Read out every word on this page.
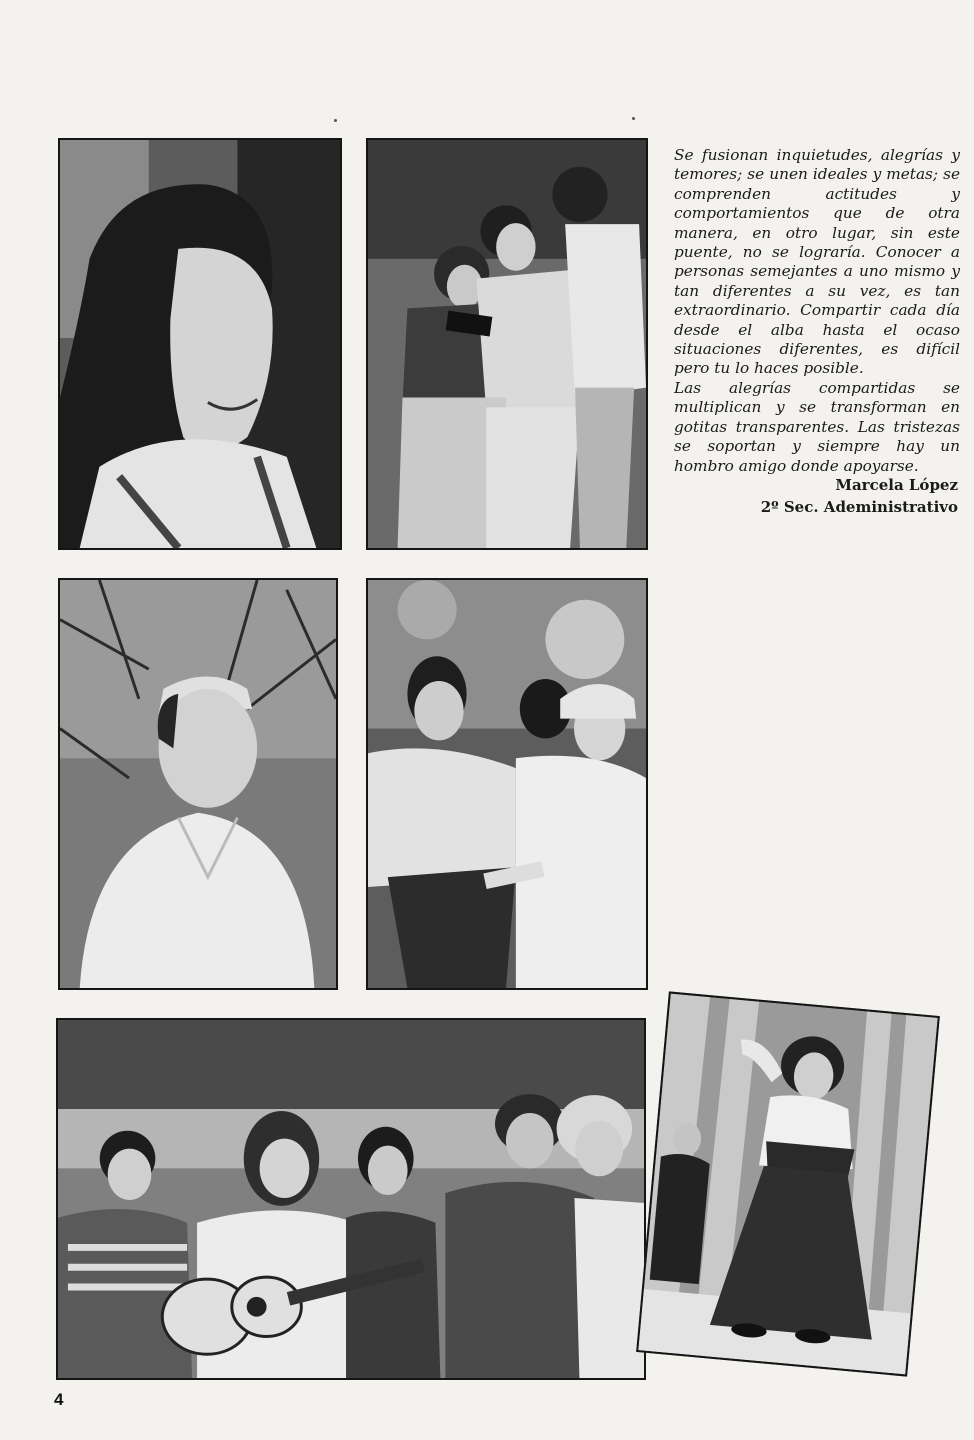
Se fusionan inquietudes, alegrías y temores; se unen ideales y metas; se comprenden actitudes y comportamientos que de otra manera, en otro lugar, sin este puente, no se lograría. Conocer a personas semejantes a uno mismo y tan diferentes a su vez, es tan extraordinario. Compartir cada día desde el alba hasta el ocaso situaciones diferentes, es difícil pero tu lo haces posible.

Las alegrías compartidas se multiplican y se transforman en gotitas transparentes. Las tristezas se soportan y siempre hay un hombro amigo donde apoyarse.

Marcela López
2º Sec. Adeministrativo
4
